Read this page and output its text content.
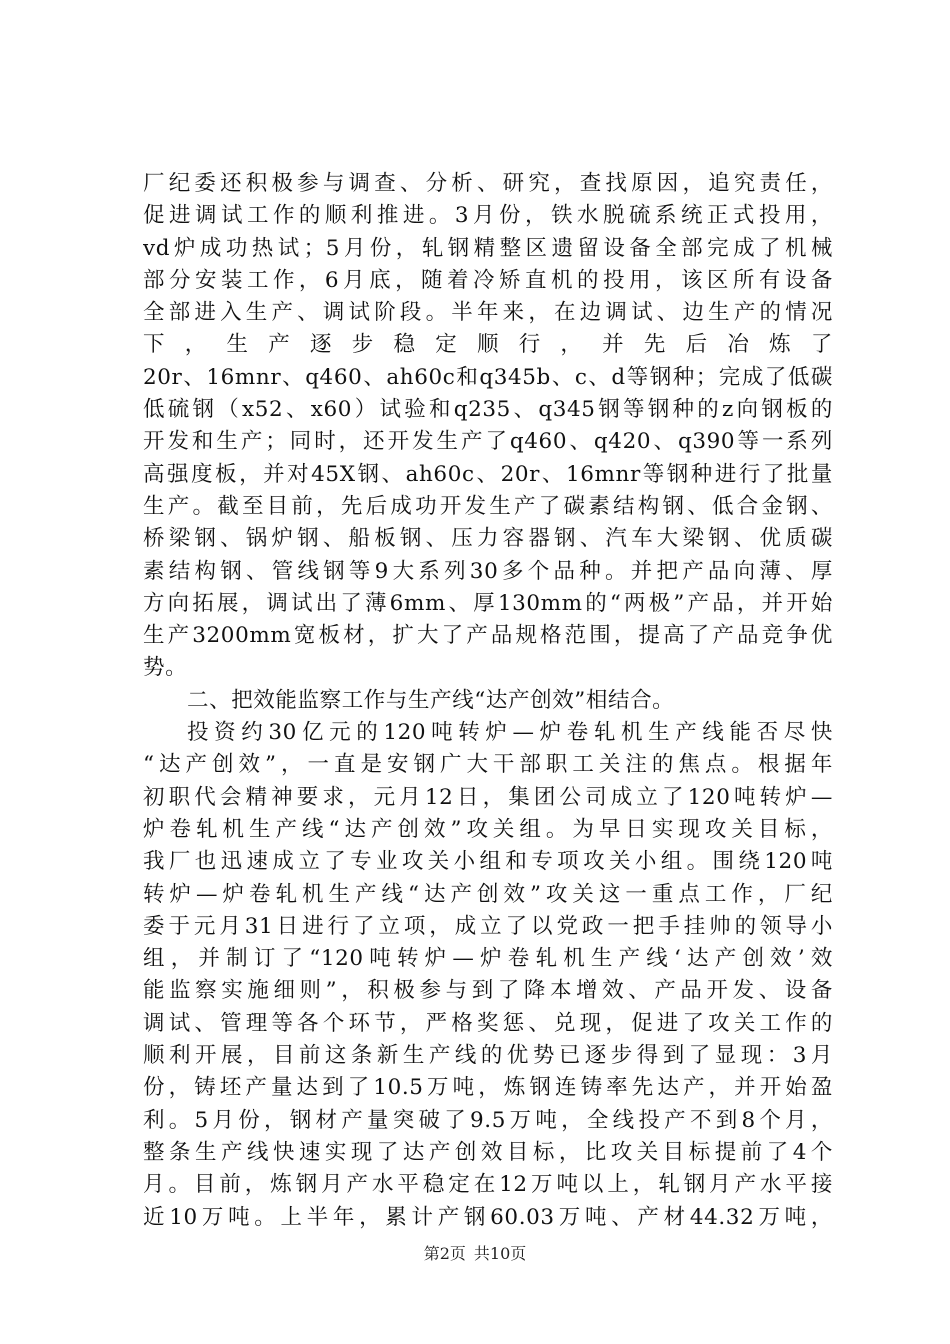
厂纪委还积极参与调查、分析、研究，查找原因，追究责任，
促进调试工作的顺利推进。3月份，铁水脱硫系统正式投用，
vd炉成功热试；5月份，轧钢精整区遗留设备全部完成了机械
部分安装工作，6月底，随着冷矫直机的投用，该区所有设备
全部进入生产、调试阶段。半年来，在边调试、边生产的情况
下，生产逐步稳定顺行，并先后冶炼了
20r、16mnr、q460、ah60c和q345b、c、d等钢种；完成了低碳
低硫钢（x52、x60）试验和q235、q345钢等钢种的z向钢板的
开发和生产；同时，还开发生产了q460、q420、q390等一系列
高强度板，并对45X钢、ah60c、20r、16mnr等钢种进行了批量
生产。截至目前，先后成功开发生产了碳素结构钢、低合金钢、
桥梁钢、锅炉钢、船板钢、压力容器钢、汽车大梁钢、优质碳
素结构钢、管线钢等9大系列30多个品种。并把产品向薄、厚
方向拓展，调试出了薄6mm、厚130mm的“两极”产品，并开始
生产3200mm宽板材，扩大了产品规格范围，提高了产品竞争优
势。
二、把效能监察工作与生产线“达产创效”相结合。
投资约30亿元的120吨转炉—炉卷轧机生产线能否尽快
“达产创效”，一直是安钢广大干部职工关注的焦点。根据年
初职代会精神要求，元月12日，集团公司成立了120吨转炉—
炉卷轧机生产线“达产创效”攻关组。为早日实现攻关目标，
我厂也迅速成立了专业攻关小组和专项攻关小组。围绕120吨
转炉—炉卷轧机生产线“达产创效”攻关这一重点工作，厂纪
委于元月31日进行了立项，成立了以党政一把手挂帅的领导小
组，并制订了“120吨转炉—炉卷轧机生产线‘达产创效’效
能监察实施细则”，积极参与到了降本增效、产品开发、设备
调试、管理等各个环节，严格奖惩、兑现，促进了攻关工作的
顺利开展，目前这条新生产线的优势已逐步得到了显现：3月
份，铸坯产量达到了10.5万吨，炼钢连铸率先达产，并开始盈
利。5月份，钢材产量突破了9.5万吨，全线投产不到8个月，
整条生产线快速实现了达产创效目标，比攻关目标提前了4个
月。目前，炼钢月产水平稳定在12万吨以上，轧钢月产水平接
近10万吨。上半年，累计产钢60.03万吨、产材44.32万吨，
第2页 共10页
